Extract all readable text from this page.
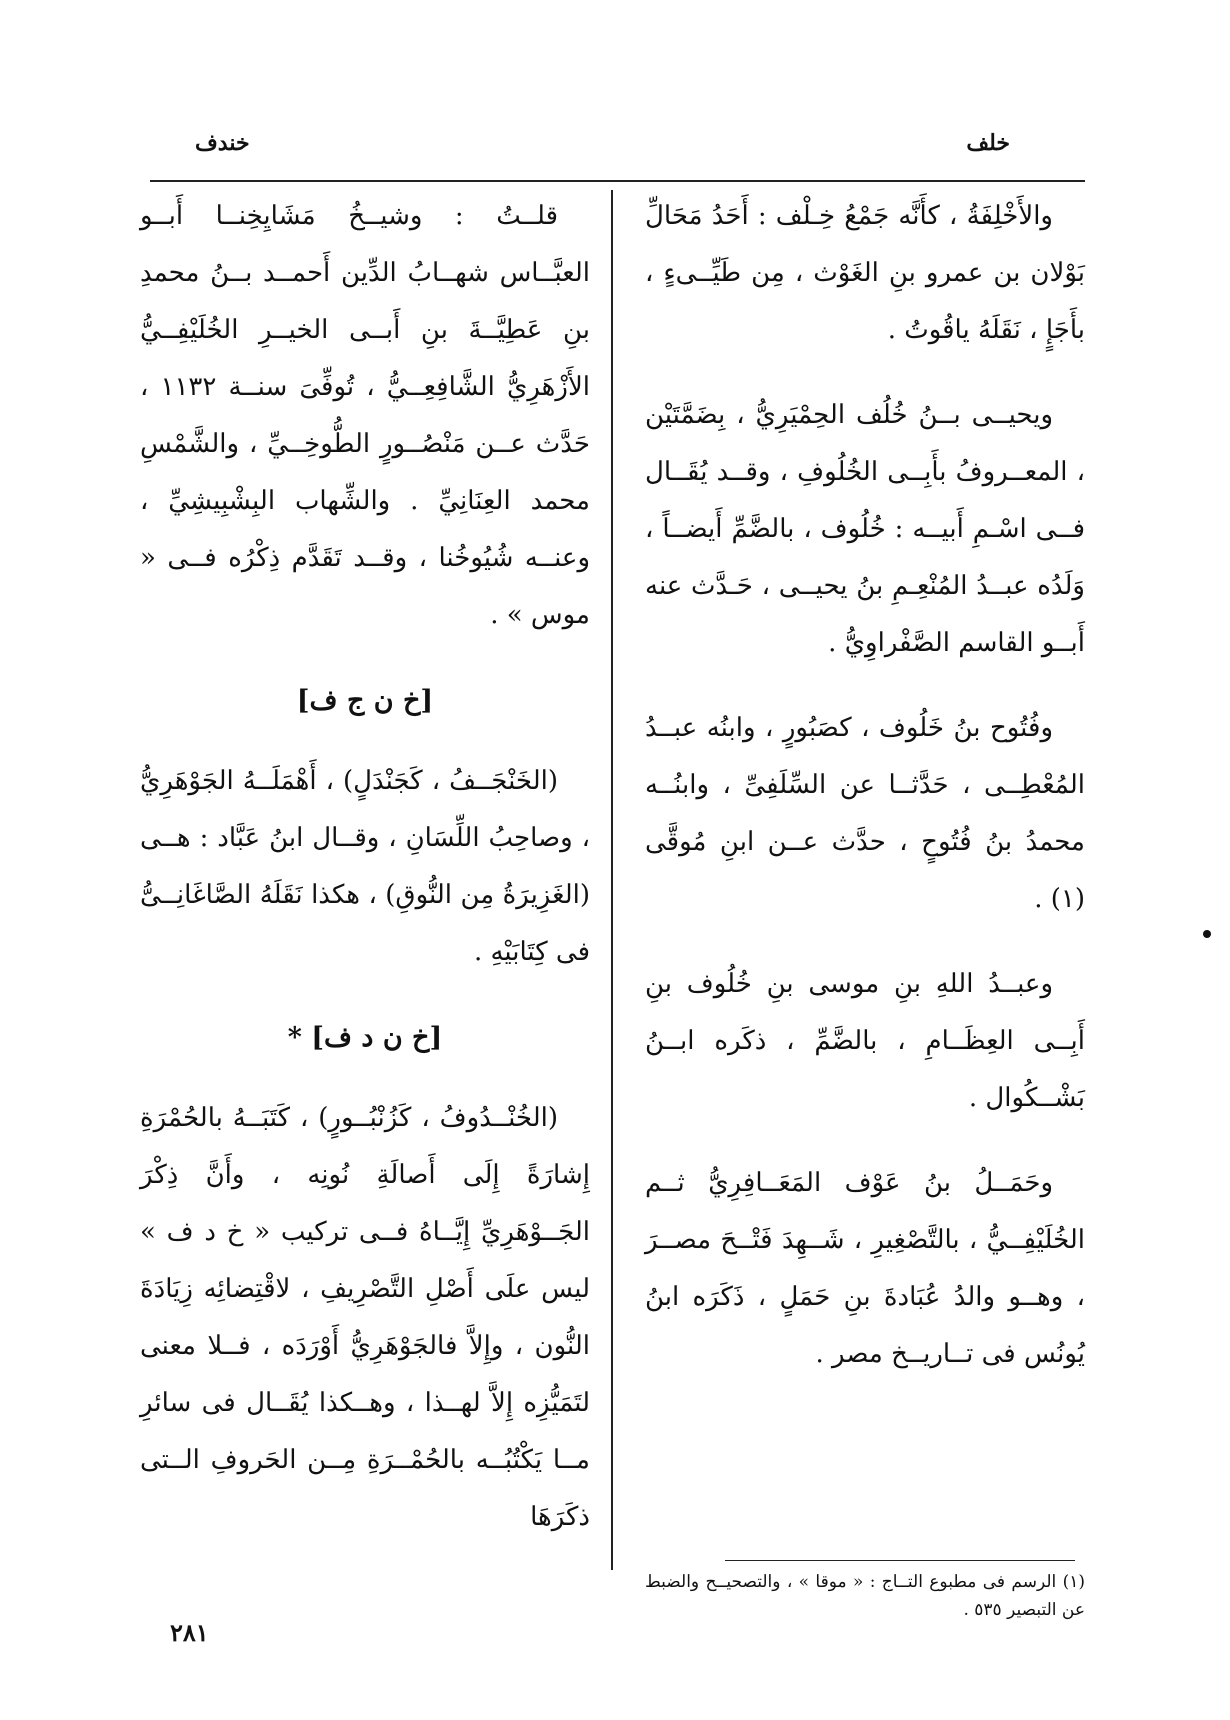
خلف
خندف

والأَخْلِفَةُ ، كأَنَّه جَمْعُ خِـلْف : أَحَدُ مَحَالِّ بَوْلان بن عمرو بنِ الغَوْث ، مِن طَيِّــىءٍ ، بأَجَإٍ ، نَقَلَهُ ياقُوتُ .

ويحيــى بــنُ خُلُف الحِمْيَرِيُّ ، بِضَمَّتَيْن ، المعــروفُ بأَبِــى الخُلُوفِ ، وقــد يُقَــال فــى اسْـمِ أَبيــه : خُلُوف ، بالضَّمِّ أَيضــاً ، وَلَدُه عبــدُ المُنْعِـمِ بنُ يحيــى ، حَـدَّث عنه أَبــو القاسم الصَّفْراوِيُّ .

وفُتُوح بنُ خَلُوف ، كصَبُورٍ ، وابنُه عبــدُ المُعْطِــى ، حَدَّثــا عن السِّلَفِىِّ ، وابنُــه محمدُ بنُ فُتُوحٍ ، حدَّث عــن ابنِ مُوقَّى (١) .

وعبــدُ اللهِ بنِ موسى بنِ خُلُوف بنِ أَبِــى العِظَــامِ ، بالضَّمِّ ، ذكَره ابــنُ بَشْــكُوال .

وحَمَــلُ بنُ عَوْف المَعَــافِرِيُّ ثــم الخُلَيْفِــيُّ ، بالتَّصْغِيرِ ، شَــهِدَ فَتْــحَ مصــرَ ، وهــو والدُ عُبَادةَ بنِ حَمَلٍ ، ذَكَرَه ابنُ يُونُس فى تــاريــخ مصر .

(١) الرسم فى مطبوع التــاج : « موقا » ، والتصحيــح والضبط عن التبصير ٥٣٥ .

قلــتُ : وشيــخُ مَشَايِخِنــا أَبــو العبَّــاس شهــابُ الدِّين أَحمــد بــنُ محمدِ بنِ عَطِيَّــةَ بنِ أَبــى الخيــرِ الخُلَيْفِــيُّ الأَزْهَرِيُّ الشَّافِعِــيُّ ، تُوفِّىَ سنــة ١١٣٢ ، حَدَّث عــن مَنْصُــورٍ الطُّوخِــيِّ ، والشَّمْسِ محمد العِنَانِيِّ . والشِّهاب البِشْبِيشِيِّ ، وعنــه شُيُوخُنا ، وقــد تَقَدَّم ذِكْرُه فــى « موس » .

[خ ن ج ف]

(الخَنْجَــفُ ، كَجَنْدَلٍ) ، أَهْمَلَــهُ الجَوْهَرِيُّ ، وصاحِبُ اللِّسَانِ ، وقــال ابنُ عَبَّاد : هــى (الغَزِيرَةُ مِن النُّوقِ) ، هكذا نَقَلَهُ الصَّاغَانِــىُّ فى كِتَابَيْهِ .

[خ ن د ف] *

(الخُنْــدُوفُ ، كَزُنْبُــورٍ) ، كَتَبَــهُ بالحُمْرَةِ إِشارَةً إِلَى أَصالَةِ نُونِه ، وأَنَّ ذِكْرَ الجَــوْهَرِيِّ إِيَّــاهُ فــى تركيب « خ د ف » ليس علَى أَصْلِ التَّصْرِيفِ ، لاقْتِضائِه زِيَادَةَ النُّون ، وإِلاَّ فالجَوْهَرِيُّ أَوْرَدَه ، فــلا معنى لتَمَيُّزِه إِلاَّ لهــذا ، وهــكذا يُقَــال فى سائرِ مــا يَكْتُبُــه بالحُمْــرَةِ مِــن الحَروفِ الــتى ذكَرَهَا

٢٨١
